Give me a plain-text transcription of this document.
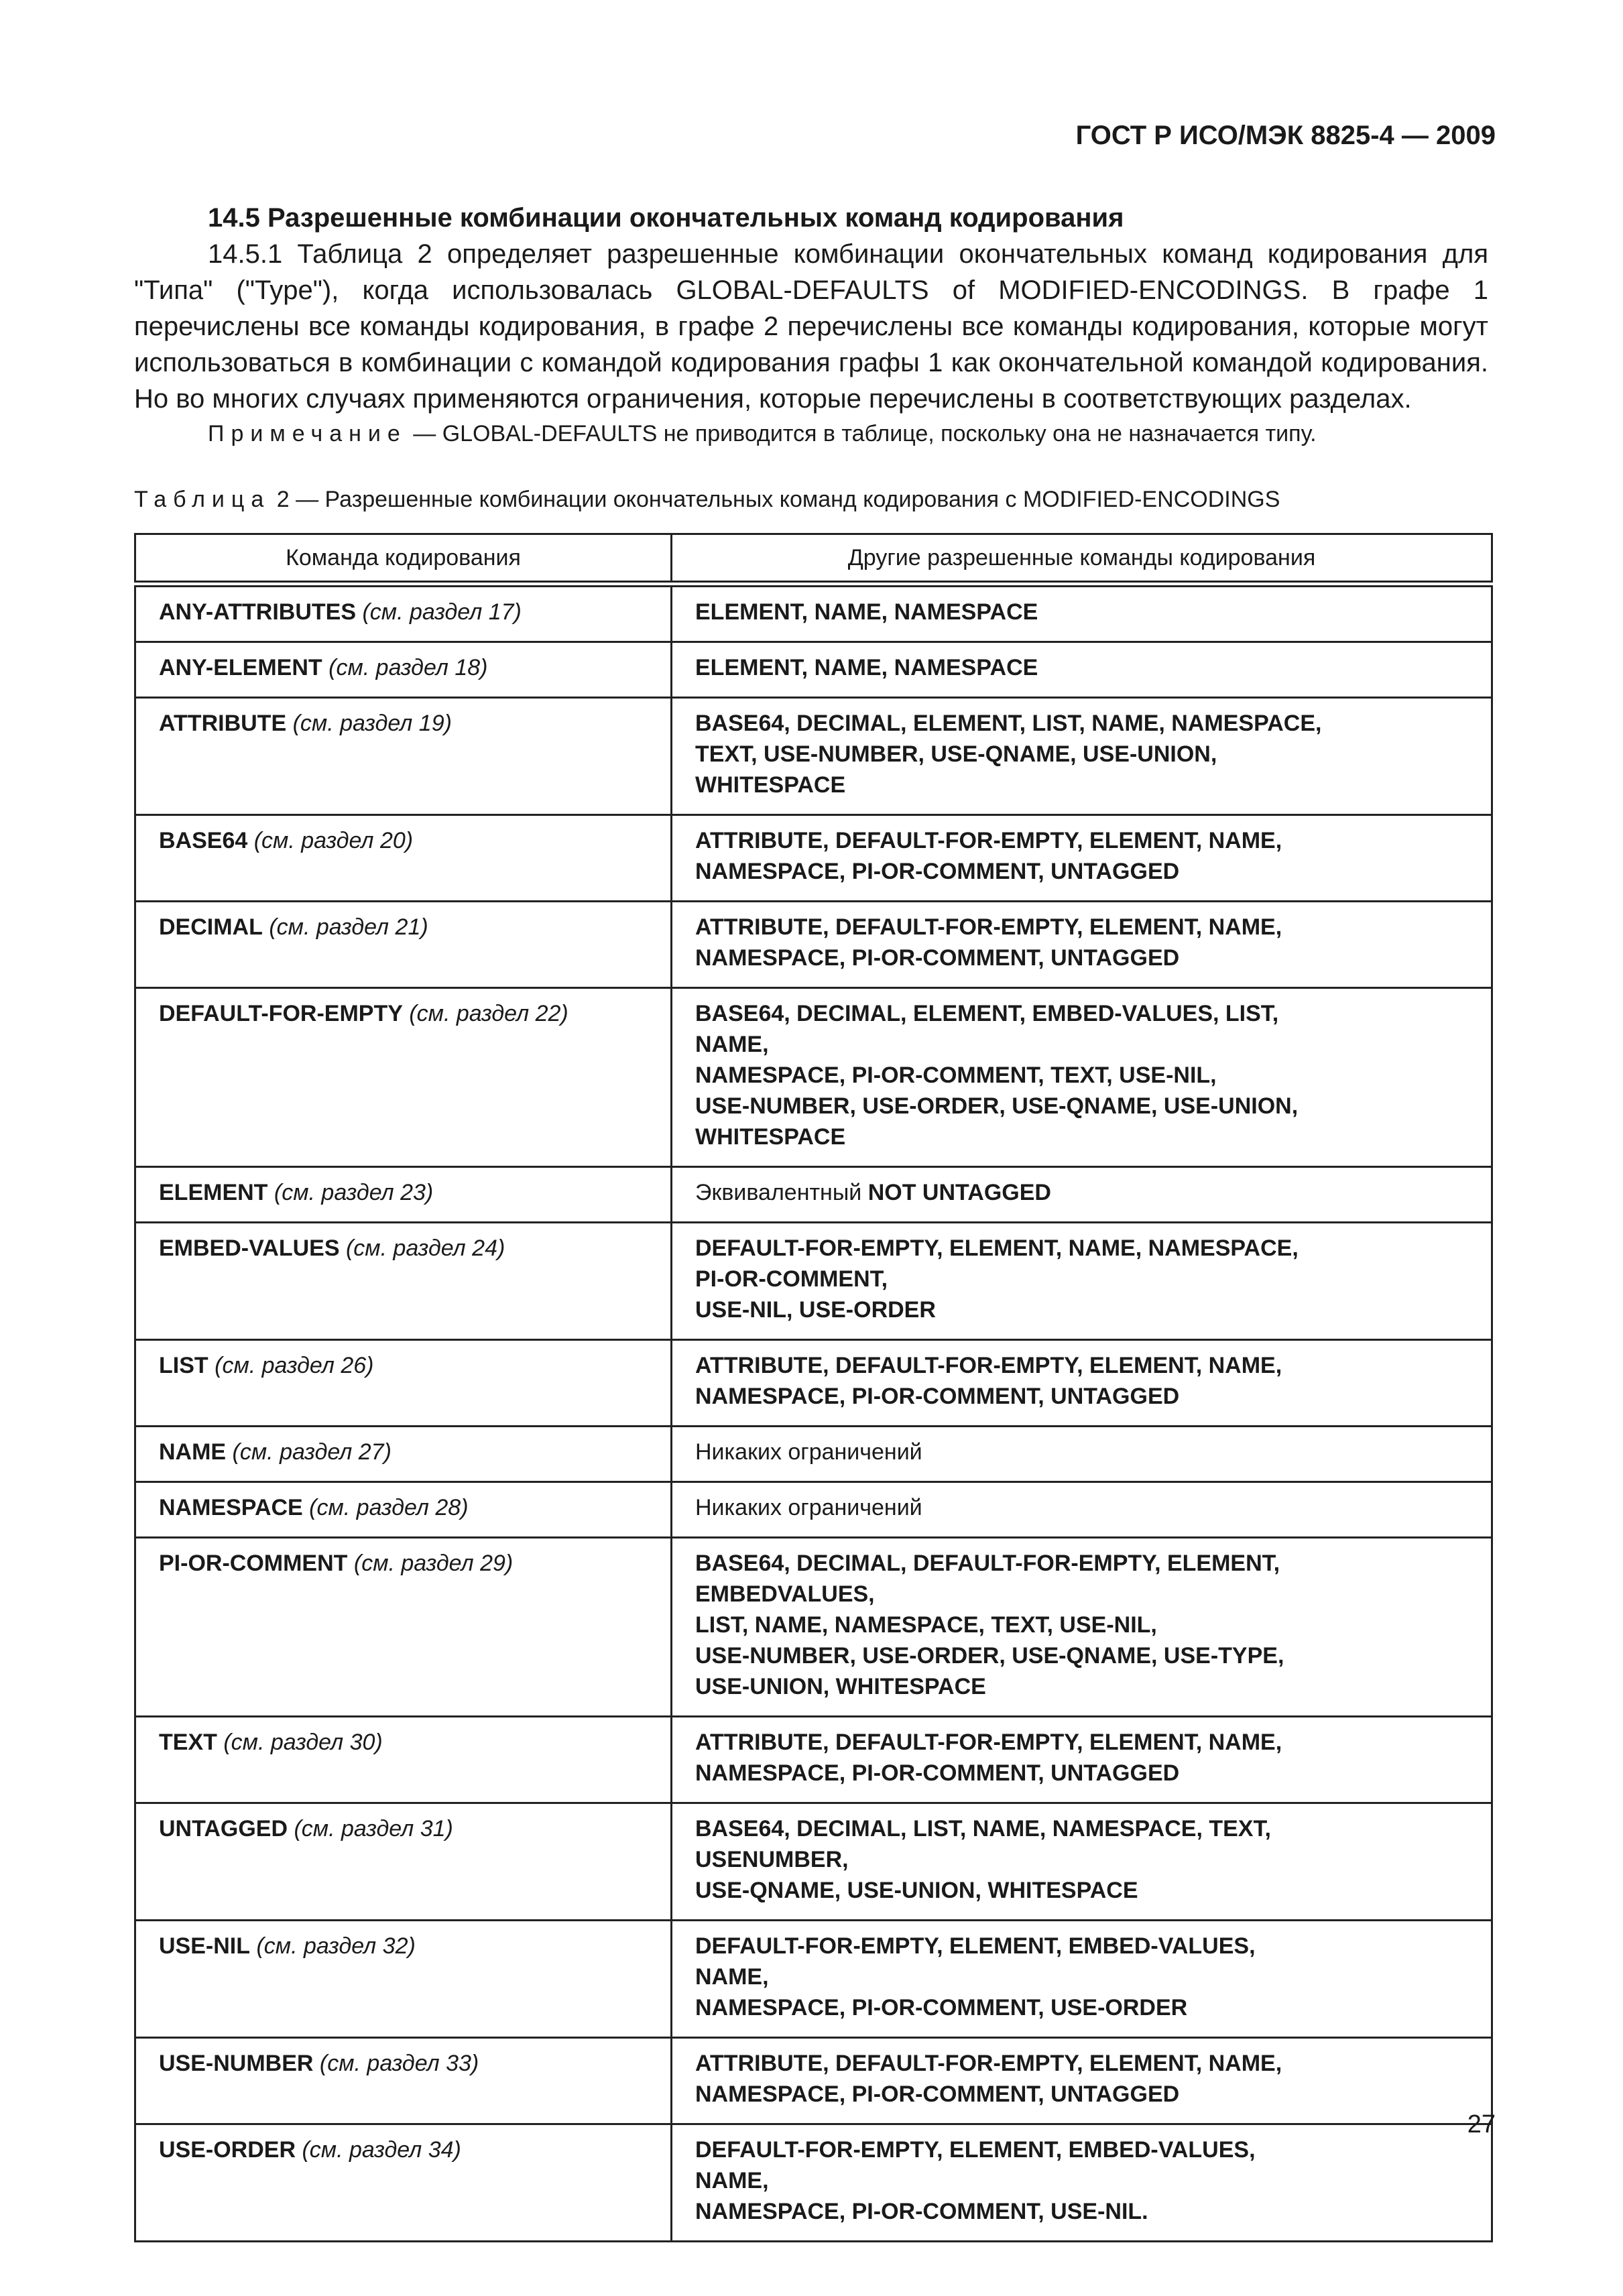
ГОСТ Р ИСО/МЭК 8825-4 — 2009
14.5 Разрешенные комбинации окончательных команд кодирования

14.5.1 Таблица 2 определяет разрешенные комбинации окончательных команд кодирования для "Типа" ("Type"), когда использовалась GLOBAL-DEFAULTS of MODIFIED-ENCODINGS. В графе 1 перечислены все команды кодирования, в графе 2 перечислены все команды кодирования, которые могут использоваться в комбинации с командой кодирования графы 1 как окончательной командой кодирования. Но во многих случаях применяются ограничения, которые перечислены в соответствующих разделах.

Примечание — GLOBAL-DEFAULTS не приводится в таблице, поскольку она не назначается типу.
Таблица 2 — Разрешенные комбинации окончательных команд кодирования с MODIFIED-ENCODINGS
Команда кодирования	Другие разрешенные команды кодирования
ANY-ATTRIBUTES (см. раздел 17)	ELEMENT, NAME, NAMESPACE

ANY-ELEMENT (см. раздел 18)	ELEMENT, NAME, NAMESPACE

ATTRIBUTE (см. раздел 19)	BASE64, DECIMAL, ELEMENT, LIST, NAME, NAMESPACE,
TEXT, USE-NUMBER, USE-QNAME, USE-UNION,
WHITESPACE

BASE64 (см. раздел 20)	ATTRIBUTE, DEFAULT-FOR-EMPTY, ELEMENT, NAME,
NAMESPACE, PI-OR-COMMENT, UNTAGGED

DECIMAL (см. раздел 21)	ATTRIBUTE, DEFAULT-FOR-EMPTY, ELEMENT, NAME,
NAMESPACE, PI-OR-COMMENT, UNTAGGED

DEFAULT-FOR-EMPTY (см. раздел 22)	BASE64, DECIMAL, ELEMENT, EMBED-VALUES, LIST,
NAME,
NAMESPACE, PI-OR-COMMENT, TEXT, USE-NIL,
USE-NUMBER, USE-ORDER, USE-QNAME, USE-UNION,
WHITESPACE

ELEMENT (см. раздел 23)	Эквивалентный NOT UNTAGGED
EMBED-VALUES (см. раздел 24)	DEFAULT-FOR-EMPTY, ELEMENT, NAME, NAMESPACE,
PI-OR-COMMENT,
USE-NIL, USE-ORDER

LIST (см. раздел 26)	ATTRIBUTE, DEFAULT-FOR-EMPTY, ELEMENT, NAME,
NAMESPACE, PI-OR-COMMENT, UNTAGGED

NAME (см. раздел 27)	Никаких ограничений
NAMESPACE (см. раздел 28)	Никаких ограничений
PI-OR-COMMENT (см. раздел 29)	BASE64, DECIMAL, DEFAULT-FOR-EMPTY, ELEMENT,
EMBEDVALUES,
LIST, NAME, NAMESPACE, TEXT, USE-NIL,
USE-NUMBER, USE-ORDER, USE-QNAME, USE-TYPE,
USE-UNION, WHITESPACE

TEXT (см. раздел 30)	ATTRIBUTE, DEFAULT-FOR-EMPTY, ELEMENT, NAME,
NAMESPACE, PI-OR-COMMENT, UNTAGGED

UNTAGGED (см. раздел 31)	BASE64, DECIMAL, LIST, NAME, NAMESPACE, TEXT,
USENUMBER,
USE-QNAME, USE-UNION, WHITESPACE

USE-NIL (см. раздел 32)	DEFAULT-FOR-EMPTY, ELEMENT, EMBED-VALUES,
NAME,
NAMESPACE, PI-OR-COMMENT, USE-ORDER

USE-NUMBER (см. раздел 33)	ATTRIBUTE, DEFAULT-FOR-EMPTY, ELEMENT, NAME,
NAMESPACE, PI-OR-COMMENT, UNTAGGED

USE-ORDER (см. раздел 34)	DEFAULT-FOR-EMPTY, ELEMENT, EMBED-VALUES,
NAME,
NAMESPACE, PI-OR-COMMENT, USE-NIL.
27
